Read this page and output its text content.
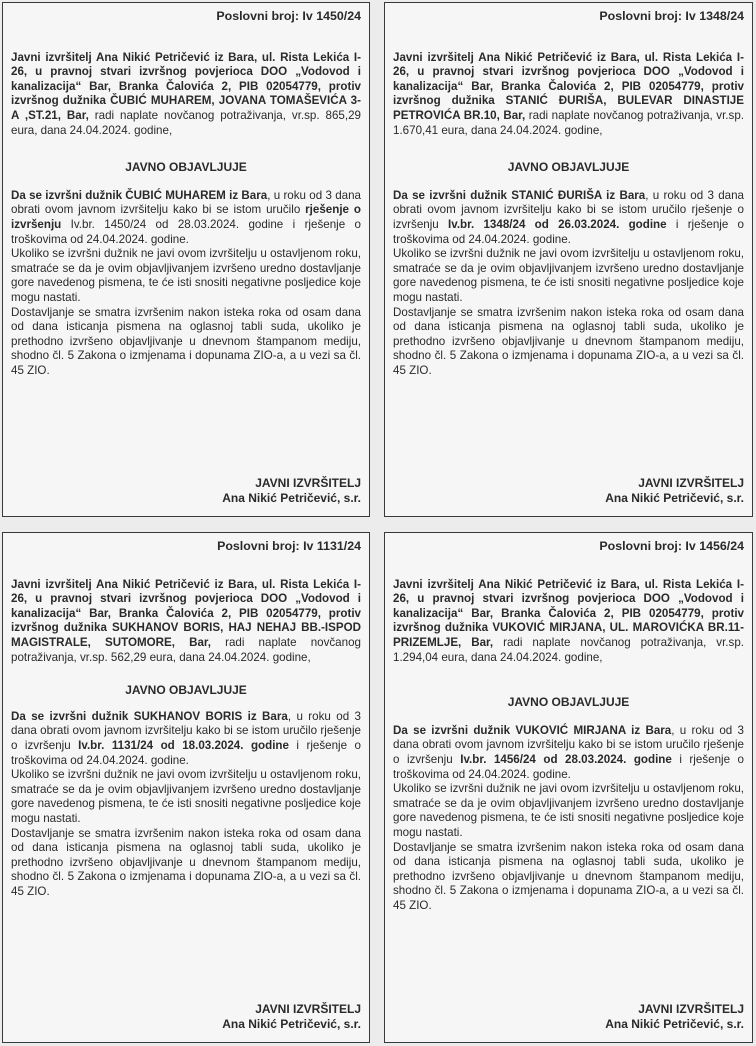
Poslovni broj: Iv 1450/24

Javni izvršitelj Ana Nikić Petričević iz Bara, ul. Rista Lekića I-26, u pravnoj stvari izvršnog povjerioca DOO „Vodovod i kanalizacija“ Bar, Branka Čalovića 2, PIB 02054779, protiv izvršnog dužnika ČUBIĆ MUHAREM, JOVANA TOMAŠEVIĆA 3-A ,ST.21, Bar, radi naplate novčanog potraživanja, vr.sp. 865,29 eura, dana 24.04.2024. godine,

JAVNO OBJAVLJUJE

Da se izvršni dužnik ČUBIĆ MUHAREM iz Bara, u roku od 3 dana obrati ovom javnom izvršitelju kako bi se istom uručilo rješenje o izvršenju Iv.br. 1450/24 od 28.03.2024. godine i rješenje o troškovima od 24.04.2024. godine.

Ukoliko se izvršni dužnik ne javi ovom izvršitelju u ostavljenom roku, smatraće se da je ovim objavljivanjem izvršeno uredno dostavljanje gore navedenog pismena, te će isti snositi negativne posljedice koje mogu nastati.

Dostavljanje se smatra izvršenim nakon isteka roka od osam dana od dana isticanja pismena na oglasnoj tabli suda, ukoliko je prethodno izvršeno objavljivanje u dnevnom štampanom mediju, shodno čl. 5 Zakona o izmjenama i dopunama ZIO-a, a u vezi sa čl. 45 ZIO.

JAVNI IZVRŠITELJ
Ana Nikić Petričević, s.r.
Poslovni broj: Iv 1348/24

Javni izvršitelj Ana Nikić Petričević iz Bara, ul. Rista Lekića I-26, u pravnoj stvari izvršnog povjerioca DOO „Vodovod i kanalizacija“ Bar, Branka Čalovića 2, PIB 02054779, protiv izvršnog dužnika STANIĆ ĐURIŠA, BULEVAR DINASTIJE PETROVIĆA BR.10, Bar, radi naplate novčanog potraživanja, vr.sp. 1.670,41 eura, dana 24.04.2024. godine,

JAVNO OBJAVLJUJE

Da se izvršni dužnik STANIĆ ĐURIŠA iz Bara, u roku od 3 dana obrati ovom javnom izvršitelju kako bi se istom uručilo rješenje o izvršenju Iv.br. 1348/24 od 26.03.2024. godine i rješenje o troškovima od 24.04.2024. godine.

Ukoliko se izvršni dužnik ne javi ovom izvršitelju u ostavljenom roku, smatraće se da je ovim objavljivanjem izvršeno uredno dostavljanje gore navedenog pismena, te će isti snositi negativne posljedice koje mogu nastati.

Dostavljanje se smatra izvršenim nakon isteka roka od osam dana od dana isticanja pismena na oglasnoj tabli suda, ukoliko je prethodno izvršeno objavljivanje u dnevnom štampanom mediju, shodno čl. 5 Zakona o izmjenama i dopunama ZIO-a, a u vezi sa čl. 45 ZIO.

JAVNI IZVRŠITELJ
Ana Nikić Petričević, s.r.
Poslovni broj: Iv 1131/24

Javni izvršitelj Ana Nikić Petričević iz Bara, ul. Rista Lekića I-26, u pravnoj stvari izvršnog povjerioca DOO „Vodovod i kanalizacija“ Bar, Branka Čalovića 2, PIB 02054779, protiv izvršnog dužnika SUKHANOV BORIS, HAJ NEHAJ BB.-ISPOD MAGISTRALE, SUTOMORE, Bar, radi naplate novčanog potraživanja, vr.sp. 562,29 eura, dana 24.04.2024. godine,

JAVNO OBJAVLJUJE

Da se izvršni dužnik SUKHANOV BORIS iz Bara, u roku od 3 dana obrati ovom javnom izvršitelju kako bi se istom uručilo rješenje o izvršenju Iv.br. 1131/24 od 18.03.2024. godine i rješenje o troškovima od 24.04.2024. godine.

Ukoliko se izvršni dužnik ne javi ovom izvršitelju u ostavljenom roku, smatraće se da je ovim objavljivanjem izvršeno uredno dostavljanje gore navedenog pismena, te će isti snositi negativne posljedice koje mogu nastati.

Dostavljanje se smatra izvršenim nakon isteka roka od osam dana od dana isticanja pismena na oglasnoj tabli suda, ukoliko je prethodno izvršeno objavljivanje u dnevnom štampanom mediju, shodno čl. 5 Zakona o izmjenama i dopunama ZIO-a, a u vezi sa čl. 45 ZIO.

JAVNI IZVRŠITELJ
Ana Nikić Petričević, s.r.
Poslovni broj: Iv 1456/24

Javni izvršitelj Ana Nikić Petričević iz Bara, ul. Rista Lekića I-26, u pravnoj stvari izvršnog povjerioca DOO „Vodovod i kanalizacija“ Bar, Branka Čalovića 2, PIB 02054779, protiv izvršnog dužnika VUKOVIĆ MIRJANA, UL. MAROVIĆKA BR.11-PRIZEMLJE, Bar, radi naplate novčanog potraživanja, vr.sp. 1.294,04 eura, dana 24.04.2024. godine,

JAVNO OBJAVLJUJE

Da se izvršni dužnik VUKOVIĆ MIRJANA iz Bara, u roku od 3 dana obrati ovom javnom izvršitelju kako bi se istom uručilo rješenje o izvršenju Iv.br. 1456/24 od 28.03.2024. godine i rješenje o troškovima od 24.04.2024. godine.

Ukoliko se izvršni dužnik ne javi ovom izvršitelju u ostavljenom roku, smatraće se da je ovim objavljivanjem izvršeno uredno dostavljanje gore navedenog pismena, te će isti snositi negativne posljedice koje mogu nastati.

Dostavljanje se smatra izvršenim nakon isteka roka od osam dana od dana isticanja pismena na oglasnoj tabli suda, ukoliko je prethodno izvršeno objavljivanje u dnevnom štampanom mediju, shodno čl. 5 Zakona o izmjenama i dopunama ZIO-a, a u vezi sa čl. 45 ZIO.

JAVNI IZVRŠITELJ
Ana Nikić Petričević, s.r.
